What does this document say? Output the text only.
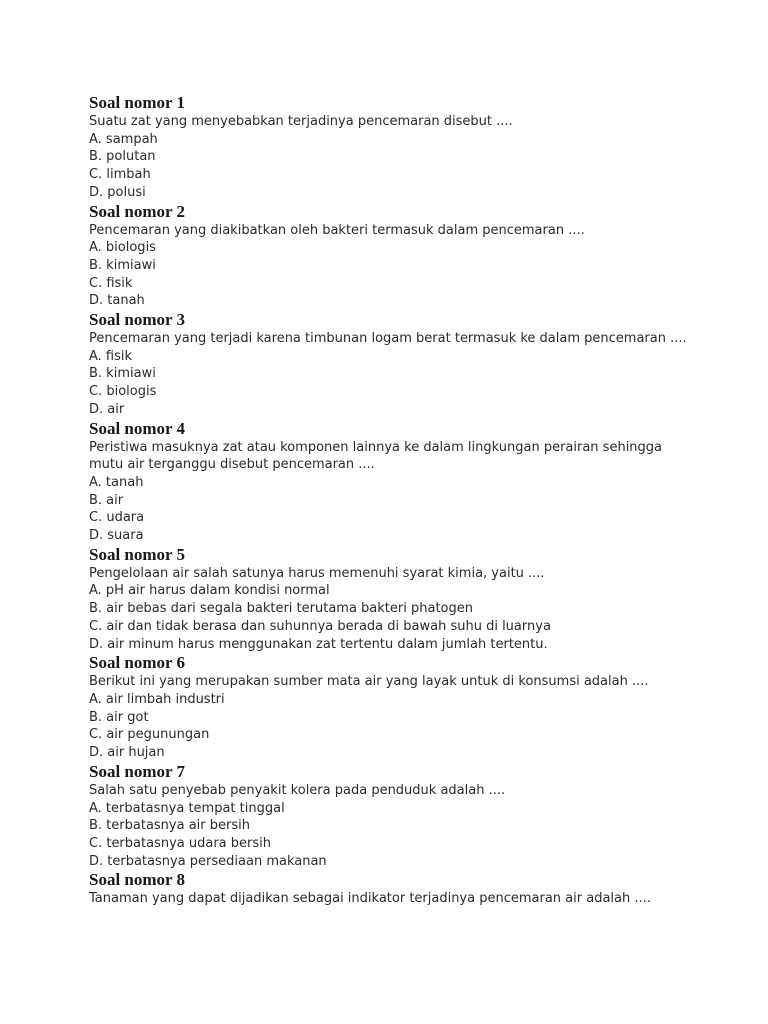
Soal nomor 1

Suatu zat yang menyebabkan terjadinya pencemaran disebut ....

A. sampah
B. polutan
C. limbah
D. polusi
Soal nomor 2

Pencemaran yang diakibatkan oleh bakteri termasuk dalam pencemaran ....

A. biologis
B. kimiawi
C. fisik
D. tanah
Soal nomor 3

Pencemaran yang terjadi karena timbunan logam berat termasuk ke dalam pencemaran ....

A. fisik
B. kimiawi
C. biologis
D. air
Soal nomor 4

Peristiwa masuknya zat atau komponen lainnya ke dalam lingkungan perairan sehingga mutu air terganggu disebut pencemaran ....

A. tanah
B. air
C. udara
D. suara
Soal nomor 5

Pengelolaan air salah satunya harus memenuhi syarat kimia, yaitu ....

A. pH air harus dalam kondisi normal
B. air bebas dari segala bakteri terutama bakteri phatogen
C. air dan tidak berasa dan suhunnya berada di bawah suhu di luarnya
D. air minum harus menggunakan zat tertentu dalam jumlah tertentu.
Soal nomor 6

Berikut ini yang merupakan sumber mata air yang layak untuk di konsumsi adalah ....

A. air limbah industri
B. air got
C. air pegunungan
D. air hujan
Soal nomor 7

Salah satu penyebab penyakit kolera pada penduduk adalah ....

A. terbatasnya tempat tinggal
B. terbatasnya air bersih
C. terbatasnya udara bersih
D. terbatasnya persediaan makanan
Soal nomor 8

Tanaman yang dapat dijadikan sebagai indikator terjadinya pencemaran air adalah ....
